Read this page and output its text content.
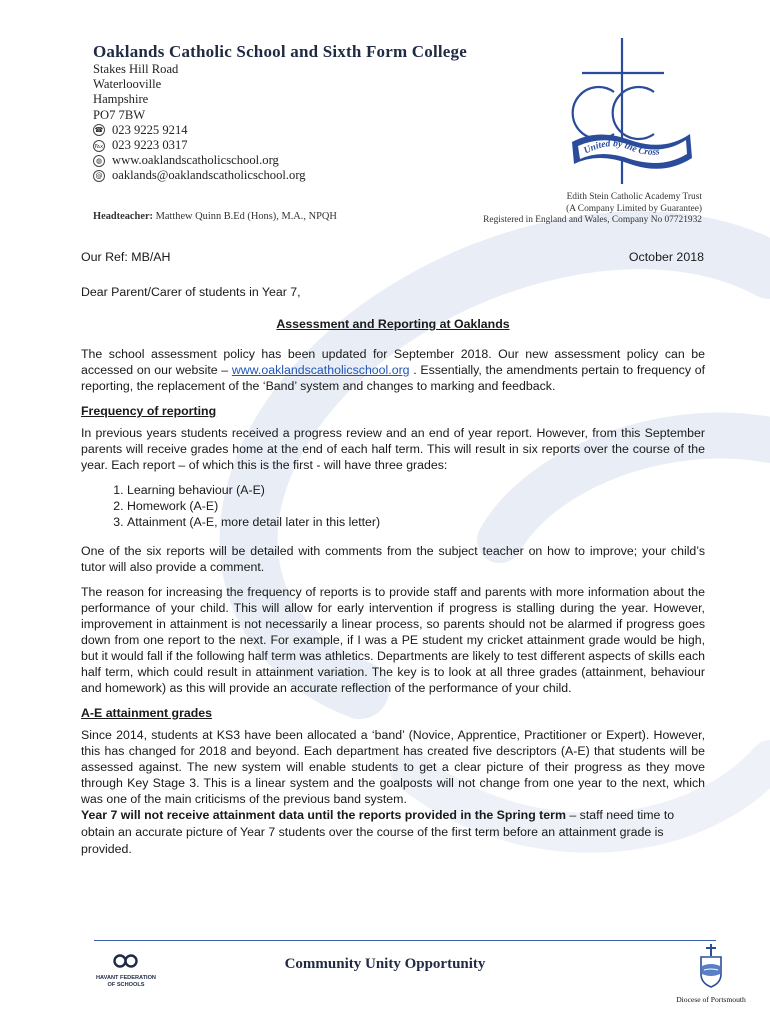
Oaklands Catholic School and Sixth Form College
Stakes Hill Road
Waterlooville
Hampshire
PO7 7BW
☎ 023 9225 9214
℻ 023 9223 0317
◍ www.oaklandscatholicschool.org
@ oaklands@oaklandscatholicschool.org
Headteacher: Matthew Quinn B.Ed (Hons), M.A., NPQH
Edith Stein Catholic Academy Trust
(A Company Limited by Guarantee)
Registered in England and Wales, Company No 07721932
United by the Cross
Our Ref: MB/AH	October 2018

Dear Parent/Carer of students in Year 7,

Assessment and Reporting at Oaklands

The school assessment policy has been updated for September 2018. Our new assessment policy can be accessed on our website – www.oaklandscatholicschool.org . Essentially, the amendments pertain to frequency of reporting, the replacement of the ‘Band’ system and changes to marking and feedback.

Frequency of reporting

In previous years students received a progress review and an end of year report. However, from this September parents will receive grades home at the end of each half term. This will result in six reports over the course of the year. Each report – of which this is the first - will have three grades:

1. Learning behaviour (A-E)
2. Homework (A-E)
3. Attainment (A-E, more detail later in this letter)

One of the six reports will be detailed with comments from the subject teacher on how to improve; your child’s tutor will also provide a comment.

The reason for increasing the frequency of reports is to provide staff and parents with more information about the performance of your child. This will allow for early intervention if progress is stalling during the year. However, improvement in attainment is not necessarily a linear process, so parents should not be alarmed if progress goes down from one report to the next. For example, if I was a PE student my cricket attainment grade would be high, but it would fall if the following half term was athletics. Departments are likely to test different aspects of skills each half term, which could result in attainment variation. The key is to look at all three grades (attainment, behaviour and homework) as this will provide an accurate reflection of the performance of your child.

A-E attainment grades

Since 2014, students at KS3 have been allocated a ‘band’ (Novice, Apprentice, Practitioner or Expert). However, this has changed for 2018 and beyond. Each department has created five descriptors (A-E) that students will be assessed against. The new system will enable students to get a clear picture of their progress as they move through Key Stage 3. This is a linear system and the goalposts will not change from one year to the next, which was one of the main criticisms of the previous band system.

Year 7 will not receive attainment data until the reports provided in the Spring term – staff need time to obtain an accurate picture of Year 7 students over the course of the first term before an attainment grade is provided.

HAVANT FEDERATION
OF SCHOOLS
Community Unity Opportunity
Diocese of Portsmouth
